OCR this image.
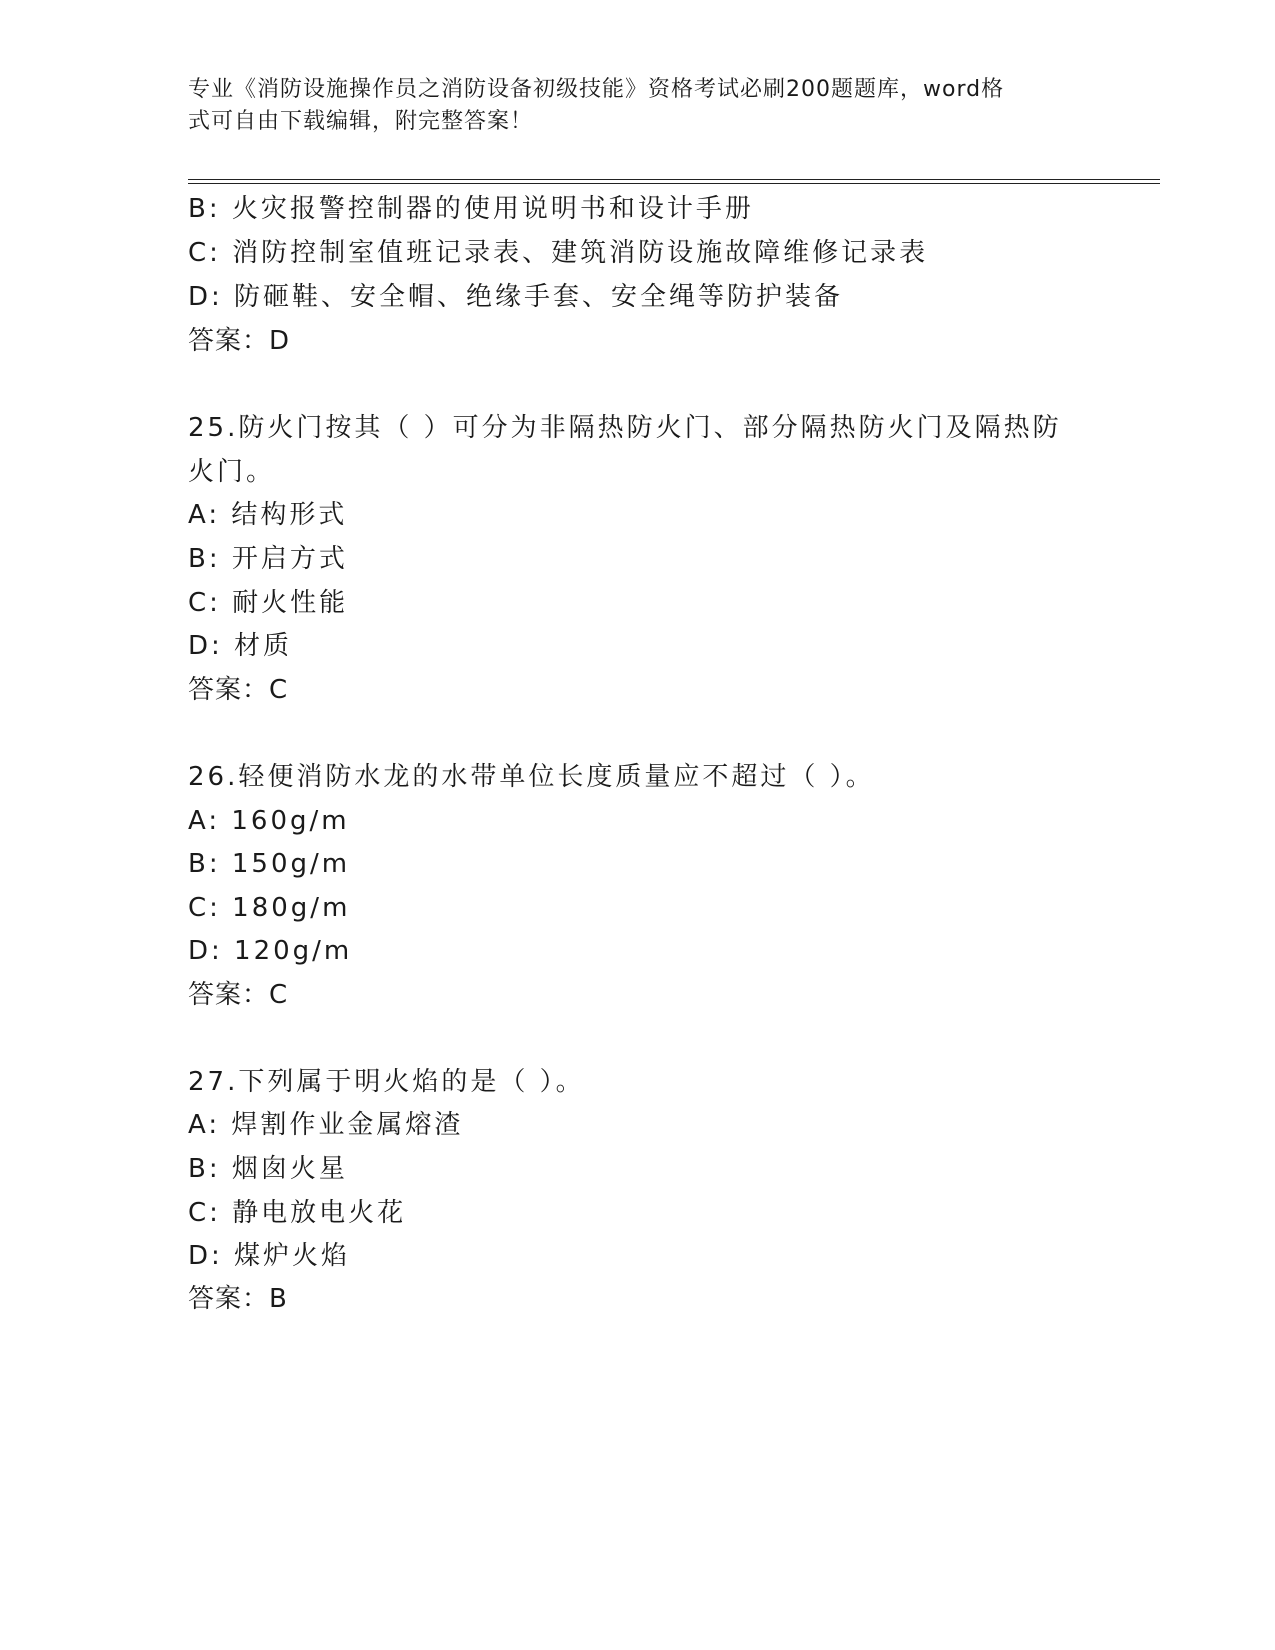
专业《消防设施操作员之消防设备初级技能》资格考试必刷200题题库，word格
式可自由下载编辑，附完整答案！
B: 火灾报警控制器的使用说明书和设计手册
C: 消防控制室值班记录表、建筑消防设施故障维修记录表
D: 防砸鞋、安全帽、绝缘手套、安全绳等防护装备
答案：D
25.防火门按其（ ）可分为非隔热防火门、部分隔热防火门及隔热防
火门。
A: 结构形式
B: 开启方式
C: 耐火性能
D: 材质
答案：C
26.轻便消防水龙的水带单位长度质量应不超过（ ）。
A: 160g/m
B: 150g/m
C: 180g/m
D: 120g/m
答案：C
27.下列属于明火焰的是（ ）。
A: 焊割作业金属熔渣
B: 烟囱火星
C: 静电放电火花
D: 煤炉火焰
答案：B
